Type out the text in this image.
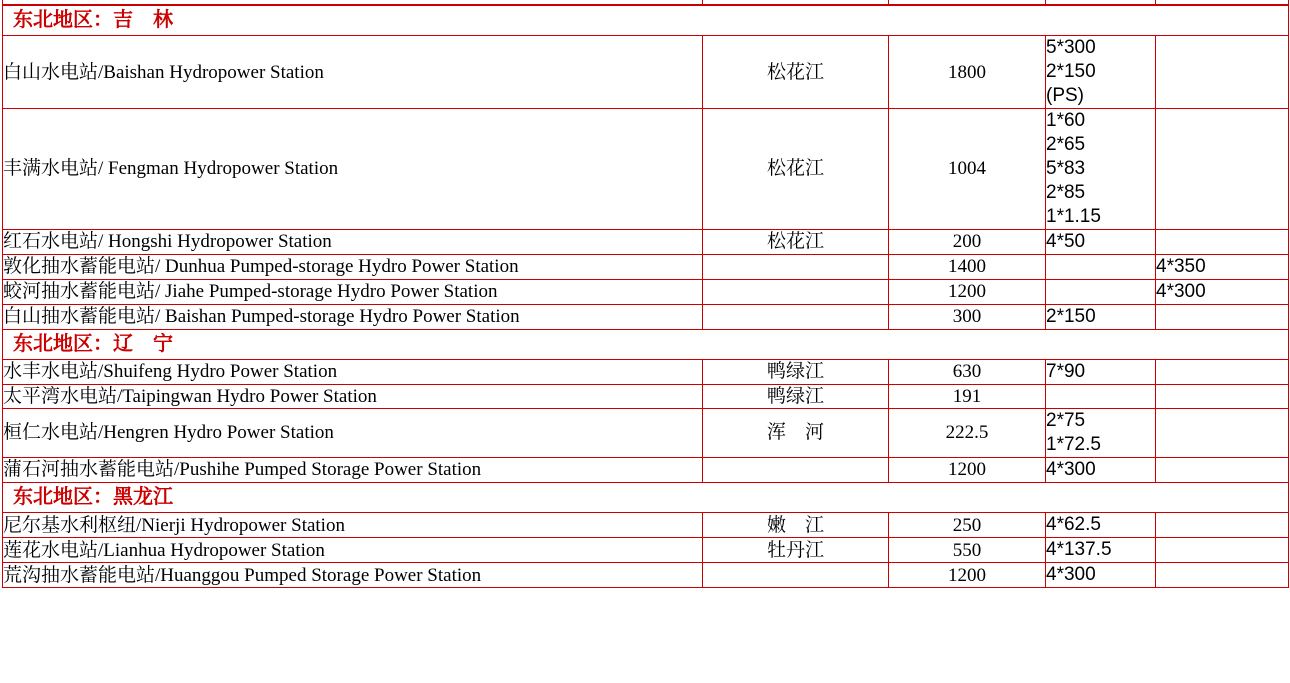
东北地区：吉　林				
白山水电站/Baishan Hydropower Station	松花江	1800	5*300
2*150
(PS)	

丰满水电站/ Fengman Hydropower Station	松花江	1004	1*60
2*65
5*83
2*85
1*1.15	

红石水电站/ Hongshi Hydropower Station	松花江	200	4*50	

敦化抽水蓄能电站/ Dunhua Pumped-storage Hydro Power Station		1400		4*350

蛟河抽水蓄能电站/ Jiahe Pumped-storage Hydro Power Station		1200		4*300

白山抽水蓄能电站/ Baishan Pumped-storage Hydro Power Station		300	2*150	

东北地区：辽　宁				
水丰水电站/Shuifeng Hydro Power Station	鸭绿江	630	7*90	

太平湾水电站/Taipingwan Hydro Power Station	鸭绿江	191		
桓仁水电站/Hengren Hydro Power Station	浑　河	222.5	2*75
1*72.5	

蒲石河抽水蓄能电站/Pushihe Pumped Storage Power Station		1200	4*300	

东北地区：黑龙江				
尼尔基水利枢纽/Nierji Hydropower Station	嫩　江	250	4*62.5	

莲花水电站/Lianhua Hydropower Station	牡丹江	550	4*137.5	

荒沟抽水蓄能电站/Huanggou Pumped Storage Power Station		1200	4*300	
